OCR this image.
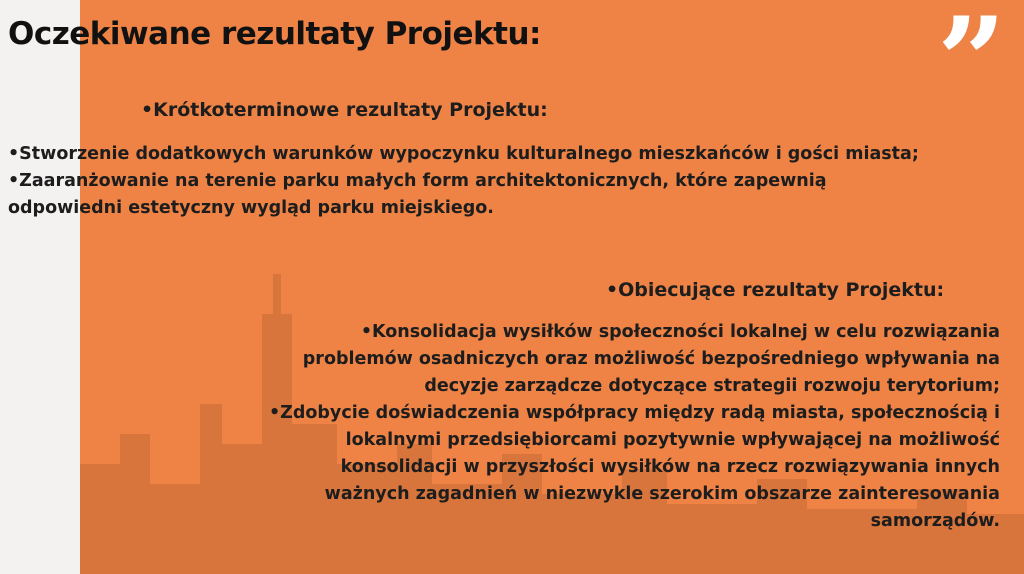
”
Oczekiwane rezultaty Projektu:
•Krótkoterminowe rezultaty Projektu:

•Stworzenie dodatkowych warunków wypoczynku kulturalnego mieszkańców i gości miasta;
•Zaaranżowanie na terenie parku małych form architektonicznych, które zapewnią
odpowiedni estetyczny wygląd parku miejskiego.

•Obiecujące rezultaty Projektu:

•Konsolidacja wysiłków społeczności lokalnej w celu rozwiązania
problemów osadniczych oraz możliwość bezpośredniego wpływania na
decyzje zarządcze dotyczące strategii rozwoju terytorium;
•Zdobycie doświadczenia współpracy między radą miasta, społecznością i
lokalnymi przedsiębiorcami pozytywnie wpływającej na możliwość
konsolidacji w przyszłości wysiłków na rzecz rozwiązywania innych
ważnych zagadnień w niezwykle szerokim obszarze zainteresowania
samorządów.
